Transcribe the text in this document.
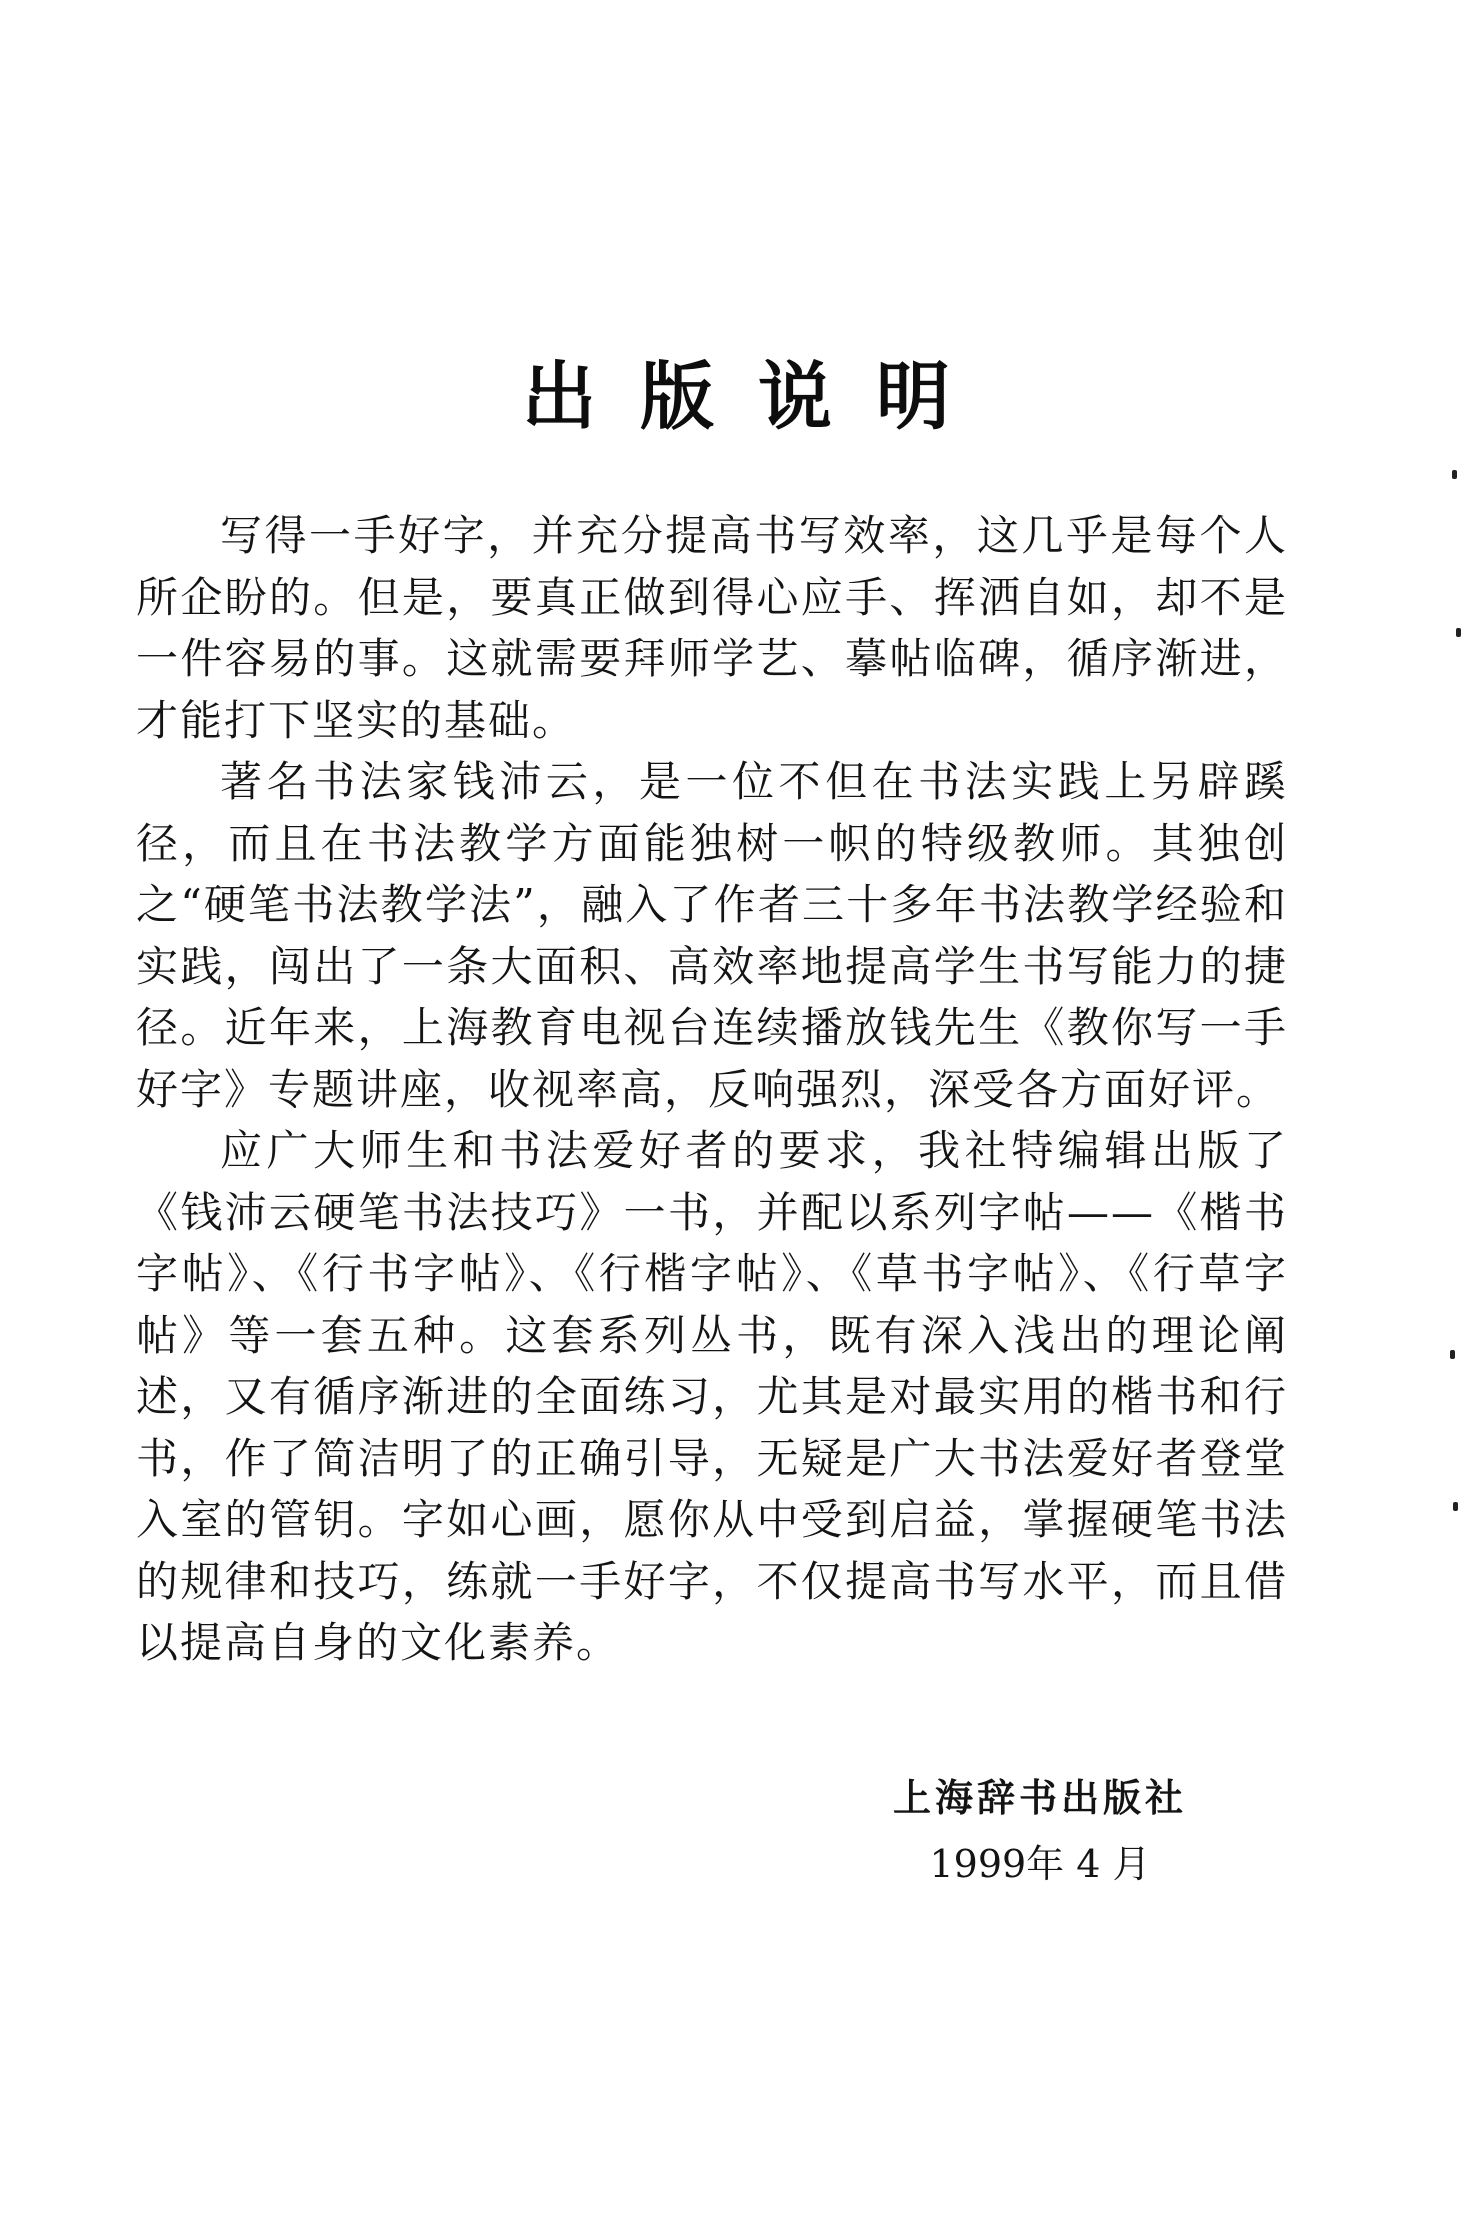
出版说明

写得一手好字，并充分提高书写效率，这几乎是每个人所企盼的。但是，要真正做到得心应手、挥洒自如，却不是一件容易的事。这就需要拜师学艺、摹帖临碑，循序渐进，才能打下坚实的基础。

著名书法家钱沛云，是一位不但在书法实践上另辟蹊径，而且在书法教学方面能独树一帜的特级教师。其独创之“硬笔书法教学法”，融入了作者三十多年书法教学经验和实践，闯出了一条大面积、高效率地提高学生书写能力的捷径。近年来，上海教育电视台连续播放钱先生《教你写一手好字》专题讲座，收视率高，反响强烈，深受各方面好评。

应广大师生和书法爱好者的要求，我社特编辑出版了《钱沛云硬笔书法技巧》一书，并配以系列字帖——《楷书字帖》、《行书字帖》、《行楷字帖》、《草书字帖》、《行草字帖》等一套五种。这套系列丛书，既有深入浅出的理论阐述，又有循序渐进的全面练习，尤其是对最实用的楷书和行书，作了简洁明了的正确引导，无疑是广大书法爱好者登堂入室的管钥。字如心画，愿你从中受到启益，掌握硬笔书法的规律和技巧，练就一手好字，不仅提高书写水平，而且借以提高自身的文化素养。

上海辞书出版社
1999年 4 月
